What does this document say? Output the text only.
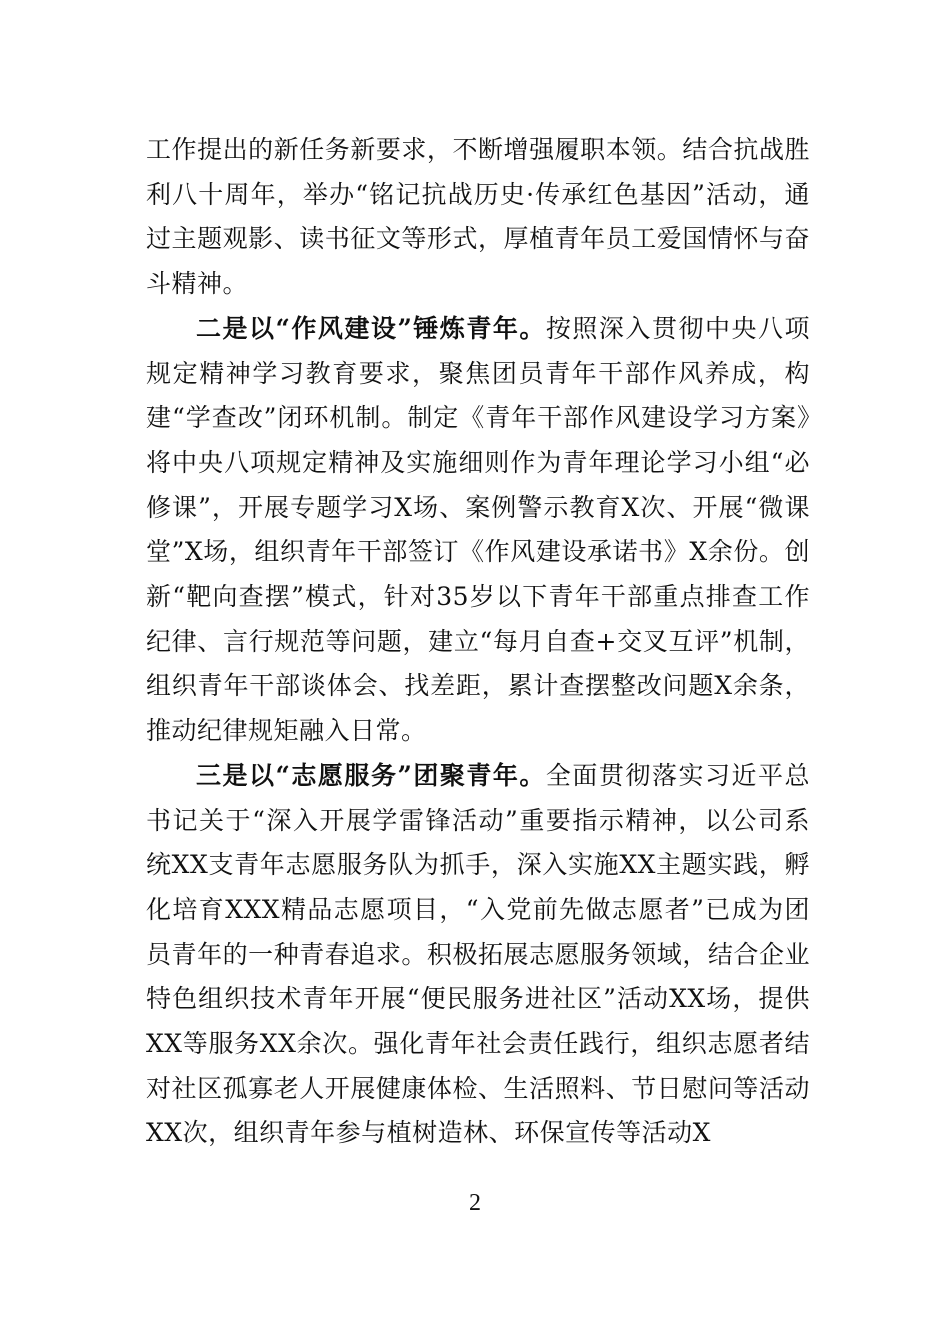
工作提出的新任务新要求，不断增强履职本领。结合抗战胜利八十周年，举办“铭记抗战历史·传承红色基因”活动，通过主题观影、读书征文等形式，厚植青年员工爱国情怀与奋斗精神。

二是以“作风建设”锤炼青年。按照深入贯彻中央八项规定精神学习教育要求，聚焦团员青年干部作风养成，构建“学查改”闭环机制。制定《青年干部作风建设学习方案》将中央八项规定精神及实施细则作为青年理论学习小组“必修课”，开展专题学习X场、案例警示教育X次、开展“微课堂”X场，组织青年干部签订《作风建设承诺书》X余份。创新“靶向查摆”模式，针对35岁以下青年干部重点排查工作纪律、言行规范等问题，建立“每月自查+交叉互评”机制，组织青年干部谈体会、找差距，累计查摆整改问题X余条，推动纪律规矩融入日常。

三是以“志愿服务”团聚青年。全面贯彻落实习近平总书记关于“深入开展学雷锋活动”重要指示精神，以公司系统XX支青年志愿服务队为抓手，深入实施XX主题实践，孵化培育XXX精品志愿项目，“入党前先做志愿者”已成为团员青年的一种青春追求。积极拓展志愿服务领域，结合企业特色组织技术青年开展“便民服务进社区”活动XX场，提供XX等服务XX余次。强化青年社会责任践行，组织志愿者结对社区孤寡老人开展健康体检、生活照料、节日慰问等活动XX次，组织青年参与植树造林、环保宣传等活动X

2
